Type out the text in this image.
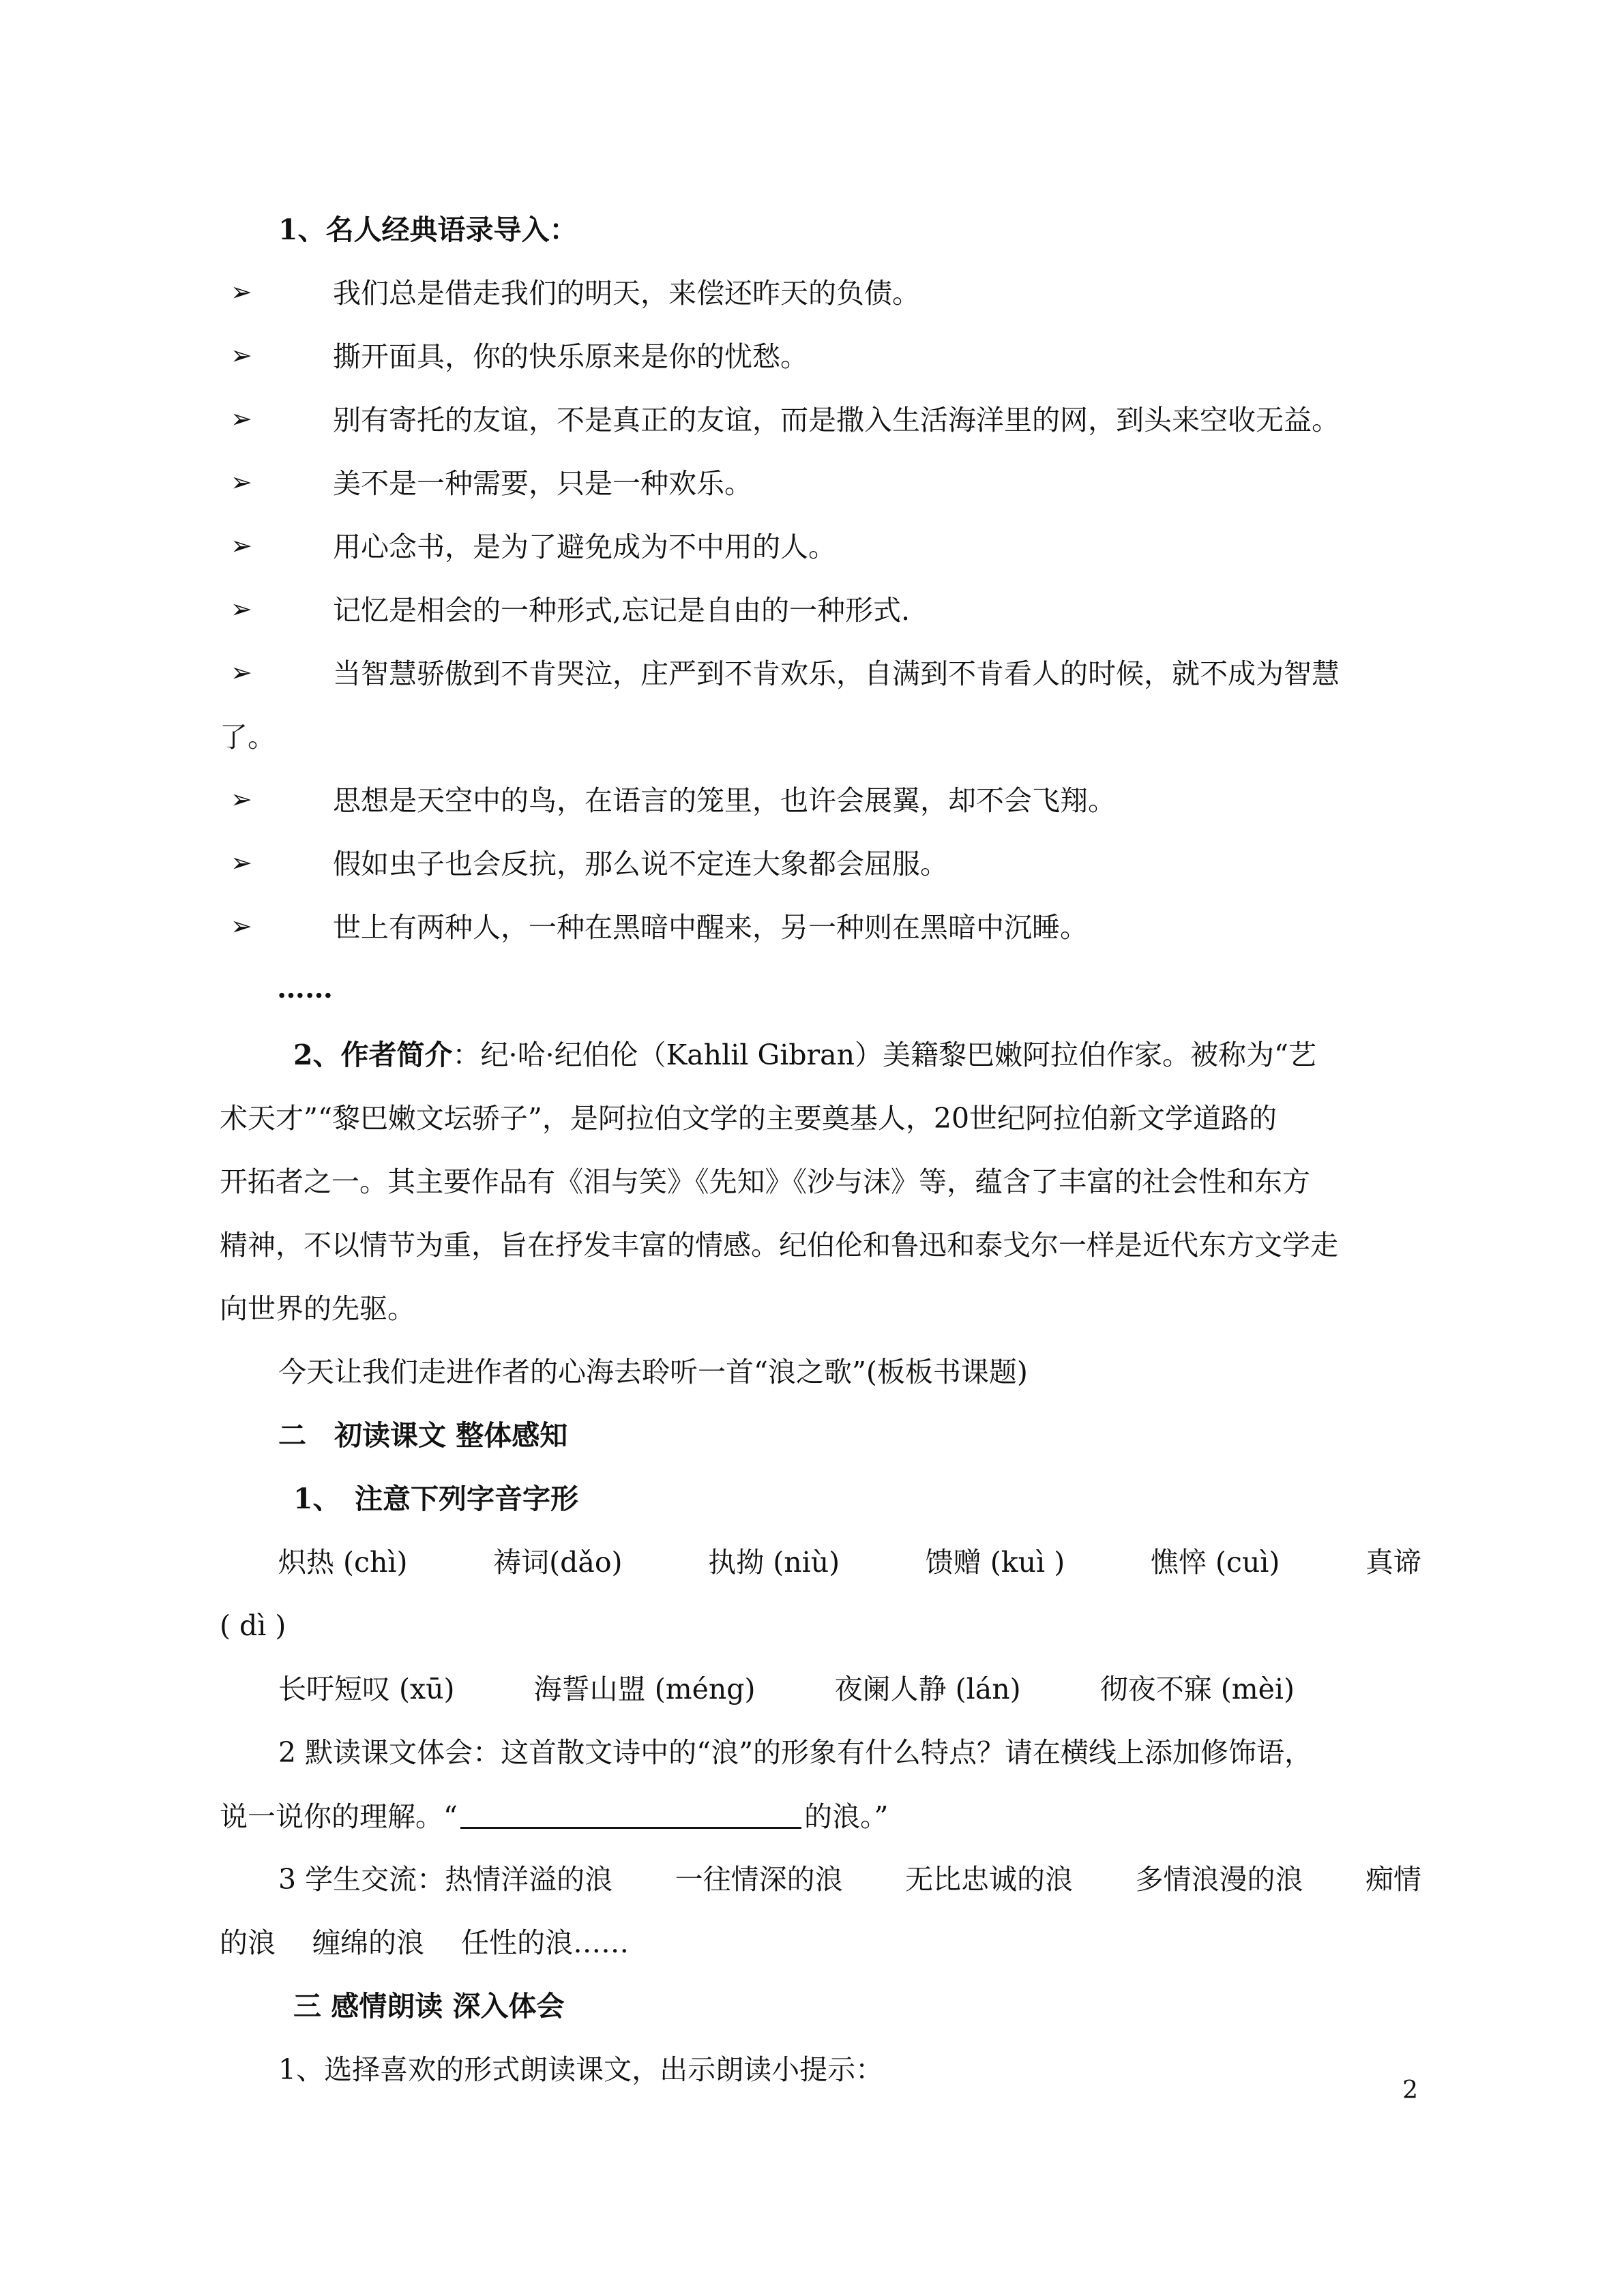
1、名人经典语录导入：
➢	我们总是借走我们的明天，来偿还昨天的负债。
➢	撕开面具，你的快乐原来是你的忧愁。
➢	别有寄托的友谊，不是真正的友谊，而是撒入生活海洋里的网，到头来空收无益。
➢	美不是一种需要，只是一种欢乐。
➢	用心念书，是为了避免成为不中用的人。
➢	记忆是相会的一种形式,忘记是自由的一种形式.
➢	当智慧骄傲到不肯哭泣，庄严到不肯欢乐，自满到不肯看人的时候，就不成为智慧
了。
➢	思想是天空中的鸟，在语言的笼里，也许会展翼，却不会飞翔。
➢	假如虫子也会反抗，那么说不定连大象都会屈服。
➢	世上有两种人，一种在黑暗中醒来，另一种则在黑暗中沉睡。
……
2、作者简介：纪·哈·纪伯伦（Kahlil Gibran）美籍黎巴嫩阿拉伯作家。被称为“艺
术天才”“黎巴嫩文坛骄子”，是阿拉伯文学的主要奠基人，20世纪阿拉伯新文学道路的
开拓者之一。其主要作品有《泪与笑》《先知》《沙与沫》等，蕴含了丰富的社会性和东方
精神，不以情节为重，旨在抒发丰富的情感。纪伯伦和鲁迅和泰戈尔一样是近代东方文学走
向世界的先驱。
今天让我们走进作者的心海去聆听一首“浪之歌”(板板书课题)
二　初读课文 整体感知
1、　注意下列字音字形
炽热 (chì)	祷词(dǎo)	执拗 (niù)	馈赠 (kuì )	憔悴 (cuì)	真谛
( dì )
长吁短叹 (xū)	海誓山盟 (méng)	夜阑人静 (lán)	彻夜不寐 (mèi)
2 默读课文体会：这首散文诗中的“浪”的形象有什么特点？请在横线上添加修饰语，
说一说你的理解。“	的浪。”
3 学生交流：热情洋溢的浪 一往情深的浪 无比忠诚的浪 多情浪漫的浪 痴情
的浪　 缠绵的浪　 任性的浪……
三 感情朗读 深入体会
1、选择喜欢的形式朗读课文，出示朗读小提示：
2
